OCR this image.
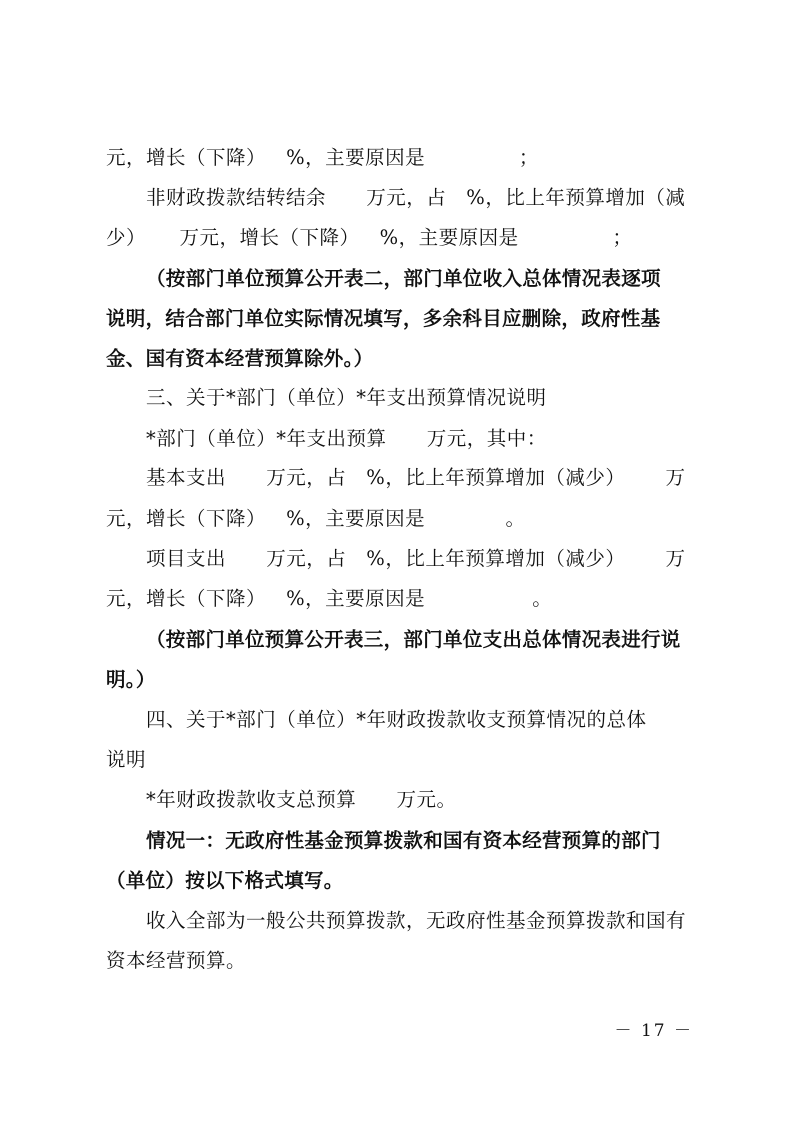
元，增长（下降）   %，主要原因是              ；
非财政拨款结转结余      万元，占   %，比上年预算增加（减
少）     万元，增长（下降）   %，主要原因是              ；
（按部门单位预算公开表二，部门单位收入总体情况表逐项
说明，结合部门单位实际情况填写，多余科目应删除，政府性基
金、国有资本经营预算除外。）
三、关于*部门（单位）*年支出预算情况说明
*部门（单位）*年支出预算      万元，其中：
基本支出      万元，占   %，比上年预算增加（减少）      万
元，增长（下降）   %，主要原因是            。
项目支出      万元，占   %，比上年预算增加（减少）      万
元，增长（下降）   %，主要原因是                。
（按部门单位预算公开表三，部门单位支出总体情况表进行说
明。）
四、关于*部门（单位）*年财政拨款收支预算情况的总体
说明
*年财政拨款收支总预算      万元。
情况一：无政府性基金预算拨款和国有资本经营预算的部门
（单位）按以下格式填写。
收入全部为一般公共预算拨款，无政府性基金预算拨款和国有
资本经营预算。
－ 17 －
